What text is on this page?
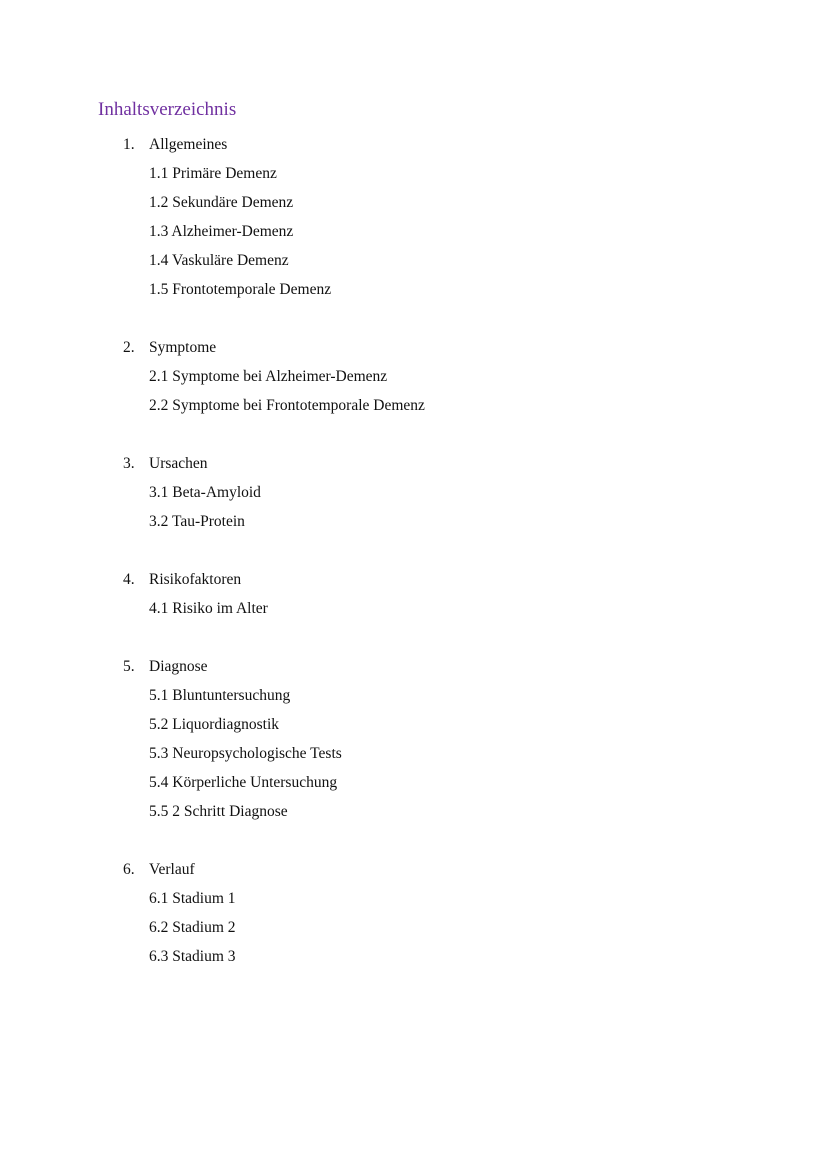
Inhaltsverzeichnis
1. Allgemeines
1.1 Primäre Demenz
1.2 Sekundäre Demenz
1.3 Alzheimer-Demenz
1.4 Vaskuläre Demenz
1.5 Frontotemporale Demenz
2. Symptome
2.1 Symptome bei Alzheimer-Demenz
2.2 Symptome bei Frontotemporale Demenz
3. Ursachen
3.1 Beta-Amyloid
3.2 Tau-Protein
4. Risikofaktoren
4.1 Risiko im Alter
5. Diagnose
5.1 Bluntuntersuchung
5.2 Liquordiagnostik
5.3 Neuropsychologische Tests
5.4 Körperliche Untersuchung
5.5 2 Schritt Diagnose
6. Verlauf
6.1 Stadium 1
6.2 Stadium 2
6.3 Stadium 3
